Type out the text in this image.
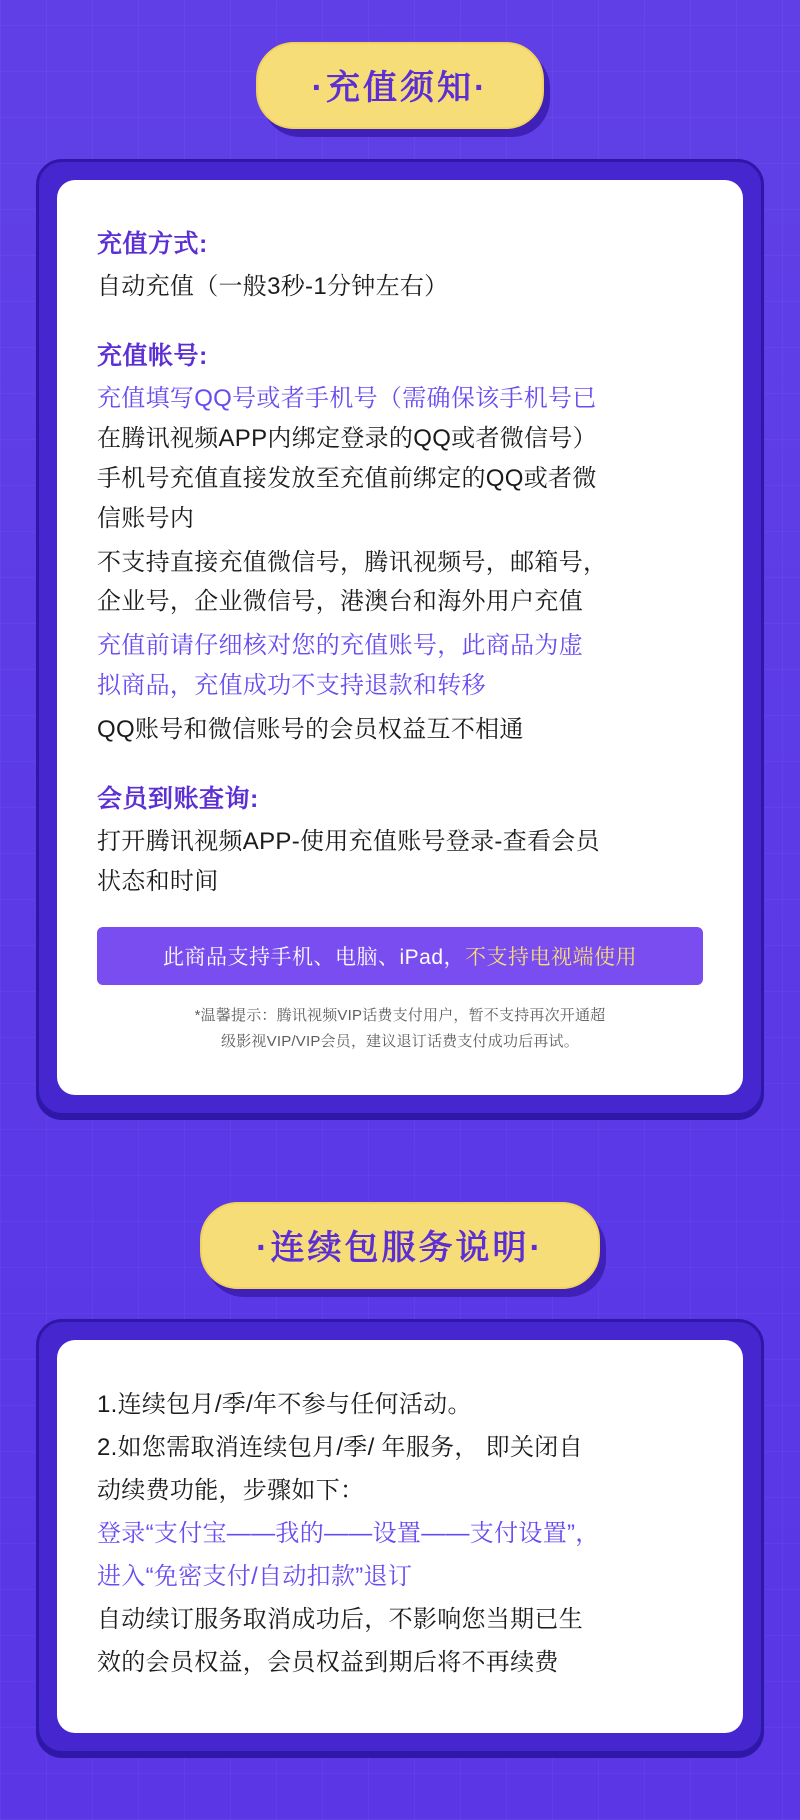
·充值须知·
充值方式:

自动充值（一般3秒-1分钟左右）

充值帐号:

充值填写QQ号或者手机号（需确保该手机号已

在腾讯视频APP内绑定登录的QQ或者微信号）

手机号充值直接发放至充值前绑定的QQ或者微

信账号内

不支持直接充值微信号，腾讯视频号，邮箱号，

企业号，企业微信号，港澳台和海外用户充值

充值前请仔细核对您的充值账号，此商品为虚

拟商品，充值成功不支持退款和转移

QQ账号和微信账号的会员权益互不相通

会员到账查询:

打开腾讯视频APP-使用充值账号登录-查看会员

状态和时间

此商品支持手机、电脑、iPad，不支持电视端使用

*温馨提示：腾讯视频VIP话费支付用户，暂不支持再次开通超

级影视VIP/VIP会员，建议退订话费支付成功后再试。

·连续包服务说明·

1.连续包月/季/年不参与任何活动。

2.如您需取消连续包月/季/ 年服务， 即关闭自

动续费功能，步骤如下：

登录“支付宝——我的——设置——支付设置”，

进入“免密支付/自动扣款”退订

自动续订服务取消成功后，不影响您当期已生

效的会员权益，会员权益到期后将不再续费
